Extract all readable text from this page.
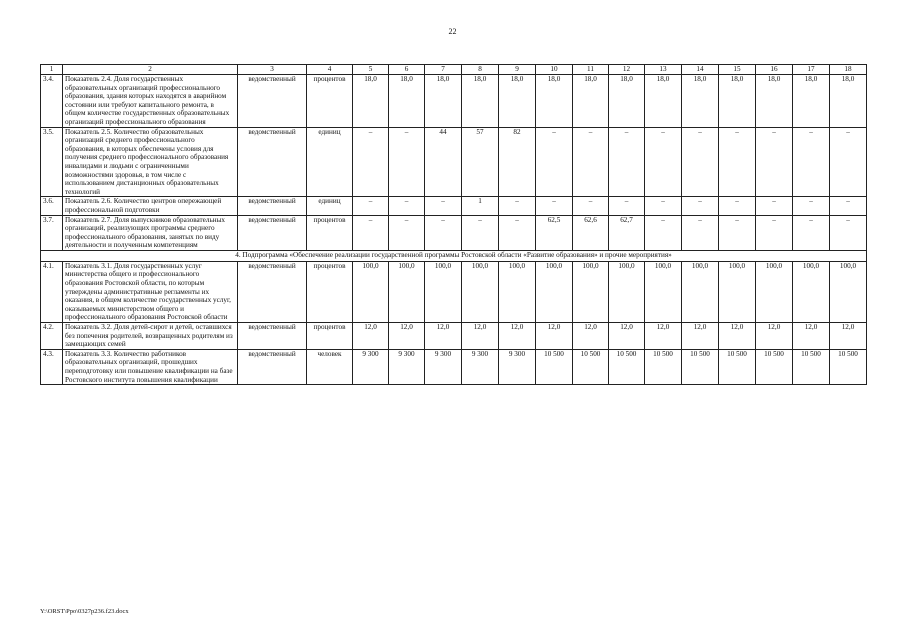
22
1	2	3	4	5	6	7	8	9	10	11	12	13	14	15	16	17	18
3.4.	Показатель 2.4. Доля государственных образовательных организаций профессионального образования, здания которых находятся в аварийном состоянии или требуют капитального ремонта, в общем количестве государственных образовательных организаций профессионального образования	ведомственный	процентов	18,0	18,0	18,0	18,0	18,0	18,0	18,0	18,0	18,0	18,0	18,0	18,0	18,0	18,0
3.5.	Показатель 2.5. Количество образовательных организаций среднего профессионального образования, в которых обеспечены условия для получения среднего профессионального образования инвалидами и людьми с ограниченными возможностями здоровья, в том числе с использованием дистанционных образовательных технологий	ведомственный	единиц	–	–	44	57	82	–	–	–	–	–	–	–	–	–
3.6.	Показатель 2.6. Количество центров опережающей профессиональной подготовки	ведомственный	единиц	–	–	–	1	–	–	–	–	–	–	–	–	–	–
3.7.	Показатель 2.7. Доля выпускников образовательных организаций, реализующих программы среднего профессионального образования, занятых по виду деятельности и полученным компетенциям	ведомственный	процентов	–	–	–	–	–	62,5	62,6	62,7	–	–	–	–	–	–
4. Подпрограмма «Обеспечение реализации государственной программы Ростовской области «Развитие образования» и прочие мероприятия»																	
4.1.	Показатель 3.1. Доля государственных услуг министерства общего и профессионального образования Ростовской области, по которым утверждены административные регламенты их оказания, в общем количестве государственных услуг, оказываемых министерством общего и профессионального образования Ростовской области	ведомственный	процентов	100,0	100,0	100,0	100,0	100,0	100,0	100,0	100,0	100,0	100,0	100,0	100,0	100,0	100,0
4.2.	Показатель 3.2. Доля детей-сирот и детей, оставшихся без попечения родителей, возвращенных родителям из замещающих семей	ведомственный	процентов	12,0	12,0	12,0	12,0	12,0	12,0	12,0	12,0	12,0	12,0	12,0	12,0	12,0	12,0
4.3.	Показатель 3.3. Количество работников образовательных организаций, прошедших переподготовку или повышение квалификации на базе Ростовского института повышения квалификации	ведомственный	человек	9 300	9 300	9 300	9 300	9 300	10 500	10 500	10 500	10 500	10 500	10 500	10 500	10 500	10 500
Y:\ORST\Ppo\0327p236.f23.docx
